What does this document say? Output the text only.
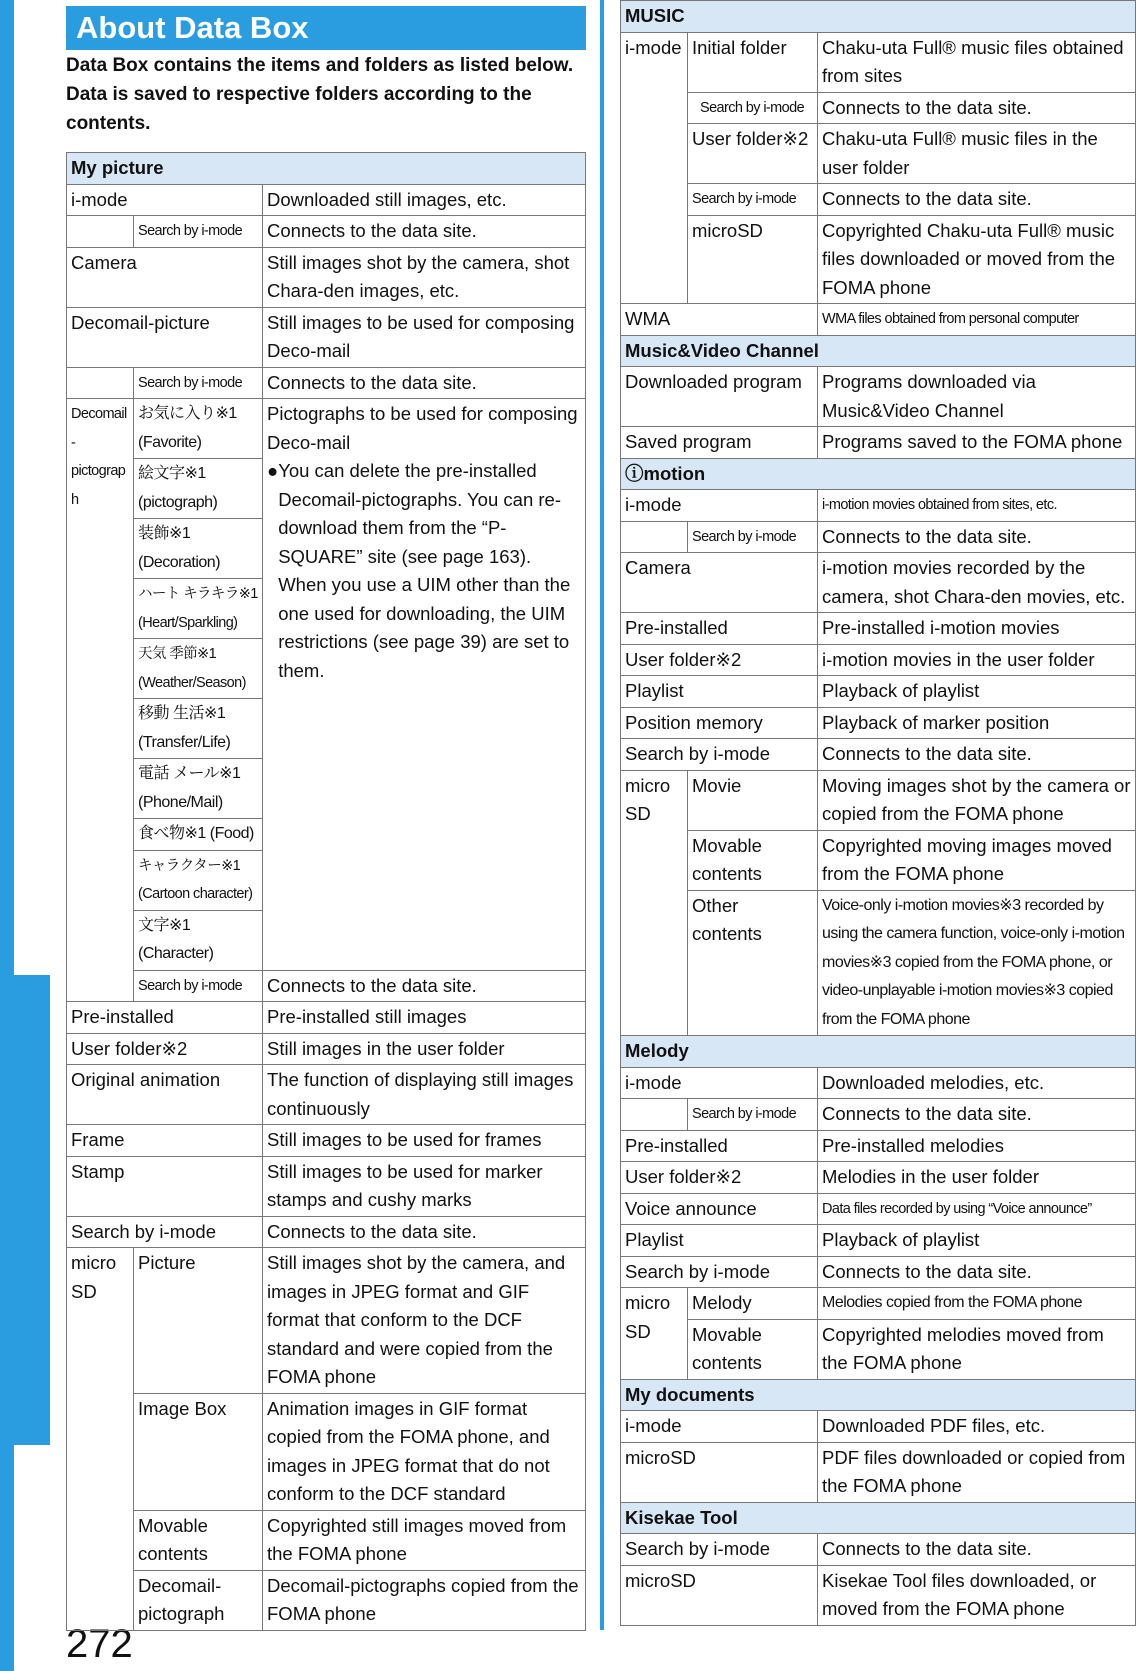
Data Display/Edit/Management
272
About Data Box
Data Box contains the items and folders as listed below. Data is saved to respective folders according to the contents.
My picture		
i-mode		Downloaded still images, etc.
	Search by i-mode	Connects to the data site.
Camera		Still images shot by the camera, shot Chara-den images, etc.
Decomail-picture		Still images to be used for composing Deco-mail
	Search by i-mode	Connects to the data site.
Decomail-pictograph	お気に入り※1 (Favorite)	Pictographs to be used for composing Deco-mail
● You can delete the pre-installed Decomail-pictographs. You can re-download them from the “P-SQUARE” site (see page 163). When you use a UIM other than the one used for downloading, the UIM restrictions (see page 39) are set to them.

	絵文字※1 (pictograph)	
	装飾※1 (Decoration)	
	ハート キラキラ※1 (Heart/Sparkling)	
	天気 季節※1 (Weather/Season)	
	移動 生活※1 (Transfer/Life)	
	電話 メール※1 (Phone/Mail)	
	食べ物※1 (Food)	
	キャラクター※1 (Cartoon character)	
	文字※1 (Character)	
	Search by i-mode	Connects to the data site.
Pre-installed		Pre-installed still images
User folder※2		Still images in the user folder
Original animation		The function of displaying still images continuously
Frame		Still images to be used for frames
Stamp		Still images to be used for marker stamps and cushy marks
Search by i-mode		Connects to the data site.
micro SD	Picture	Still images shot by the camera, and images in JPEG format and GIF format that conform to the DCF standard and were copied from the FOMA phone
	Image Box	Animation images in GIF format copied from the FOMA phone, and images in JPEG format that do not conform to the DCF standard
	Movable contents	Copyrighted still images moved from the FOMA phone
	Decomail-pictograph	Decomail-pictographs copied from the FOMA phone
MUSIC		
i-mode	Initial folder	Chaku-uta Full® music files obtained from sites
	Search by i-mode	Connects to the data site.
	User folder※2	Chaku-uta Full® music files in the user folder
	Search by i-mode	Connects to the data site.
	microSD	Copyrighted Chaku-uta Full® music files downloaded or moved from the FOMA phone
WMA		WMA files obtained from personal computer
Music&Video Channel		
Downloaded program		Programs downloaded via Music&Video Channel
Saved program		Programs saved to the FOMA phone
ⓘmotion		
i-mode		i-motion movies obtained from sites, etc.
	Search by i-mode	Connects to the data site.
Camera		i-motion movies recorded by the camera, shot Chara-den movies, etc.
Pre-installed		Pre-installed i-motion movies
User folder※2		i-motion movies in the user folder
Playlist		Playback of playlist
Position memory		Playback of marker position
Search by i-mode		Connects to the data site.
micro SD	Movie	Moving images shot by the camera or copied from the FOMA phone
	Movable contents	Copyrighted moving images moved from the FOMA phone
	Other contents	Voice-only i-motion movies※3 recorded by using the camera function, voice-only i-motion movies※3 copied from the FOMA phone, or video-unplayable i-motion movies※3 copied from the FOMA phone
Melody		
i-mode		Downloaded melodies, etc.
	Search by i-mode	Connects to the data site.
Pre-installed		Pre-installed melodies
User folder※2		Melodies in the user folder
Voice announce		Data files recorded by using “Voice announce”
Playlist		Playback of playlist
Search by i-mode		Connects to the data site.
micro SD	Melody	Melodies copied from the FOMA phone
	Movable contents	Copyrighted melodies moved from the FOMA phone
My documents		
i-mode		Downloaded PDF files, etc.
microSD		PDF files downloaded or copied from the FOMA phone
Kisekae Tool		
Search by i-mode		Connects to the data site.
microSD		Kisekae Tool files downloaded, or moved from the FOMA phone
